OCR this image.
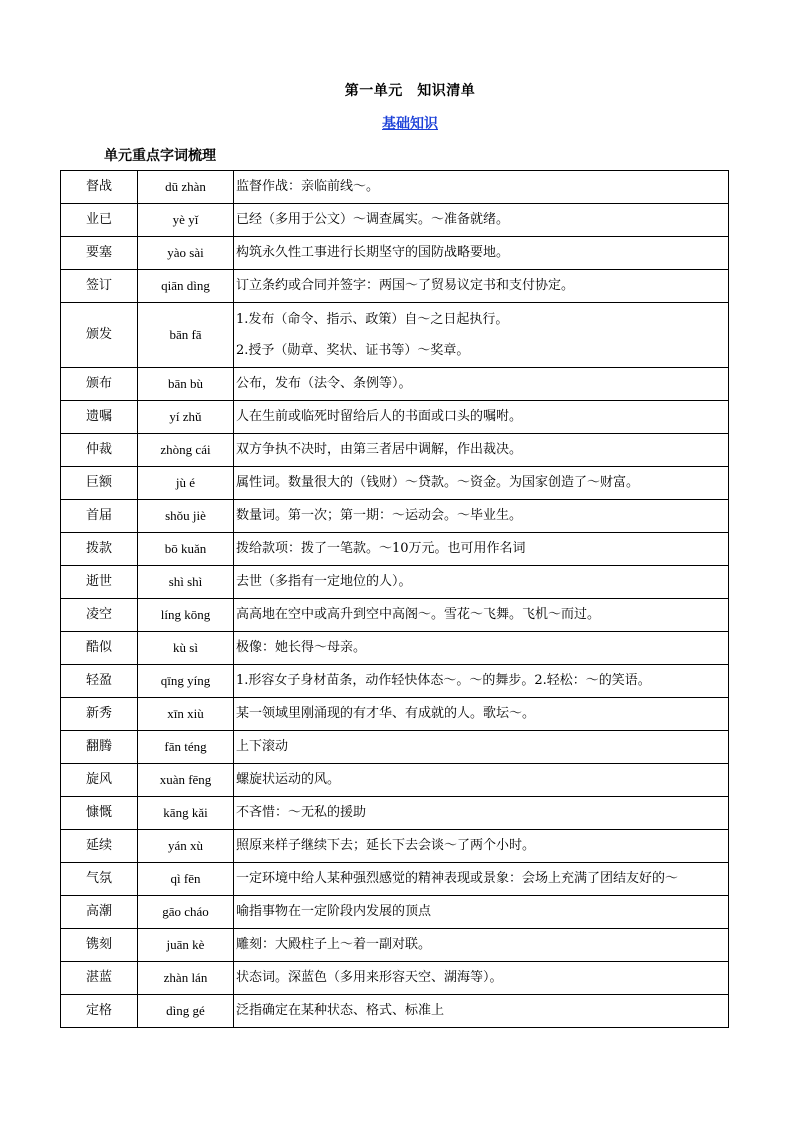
第一单元　知识清单
基础知识
单元重点字词梳理
督战	dū zhàn	监督作战：亲临前线～。

业已	yè yǐ	已经（多用于公文）～调查属实。～准备就绪。

要塞	yào sài	构筑永久性工事进行长期坚守的国防战略要地。

签订	qiān dìng	订立条约或合同并签字：两国～了贸易议定书和支付协定。

颁发	bān fā	1.发布（命令、指示、政策）自～之日起执行。
2.授予（勋章、奖状、证书等）～奖章。

颁布	bān bù	公布，发布（法令、条例等）。

遗嘱	yí zhǔ	人在生前或临死时留给后人的书面或口头的嘱咐。

仲裁	zhòng cái	双方争执不决时，由第三者居中调解，作出裁决。

巨额	jù é	属性词。数量很大的（钱财）～贷款。～资金。为国家创造了～财富。

首届	shǒu jiè	数量词。第一次；第一期：～运动会。～毕业生。

拨款	bō kuǎn	拨给款项：拨了一笔款。～10万元。也可用作名词

逝世	shì shì	去世（多指有一定地位的人）。

凌空	líng kōng	高高地在空中或高升到空中高阁～。雪花～飞舞。飞机～而过。

酷似	kù sì	极像：她长得～母亲。

轻盈	qīng yíng	1.形容女子身材苗条，动作轻快体态～。～的舞步。2.轻松：～的笑语。

新秀	xīn xiù	某一领域里刚涌现的有才华、有成就的人。歌坛～。

翻腾	fān téng	上下滚动

旋风	xuàn fēng	螺旋状运动的风。

慷慨	kāng kǎi	不吝惜：～无私的援助

延续	yán xù	照原来样子继续下去；延长下去会谈～了两个小时。

气氛	qì fēn	一定环境中给人某种强烈感觉的精神表现或景象：会场上充满了团结友好的～

高潮	gāo cháo	喻指事物在一定阶段内发展的顶点

镌刻	juān kè	雕刻：大殿柱子上～着一副对联。

湛蓝	zhàn lán	状态词。深蓝色（多用来形容天空、湖海等）。

定格	dìng gé	泛指确定在某种状态、格式、标准上
